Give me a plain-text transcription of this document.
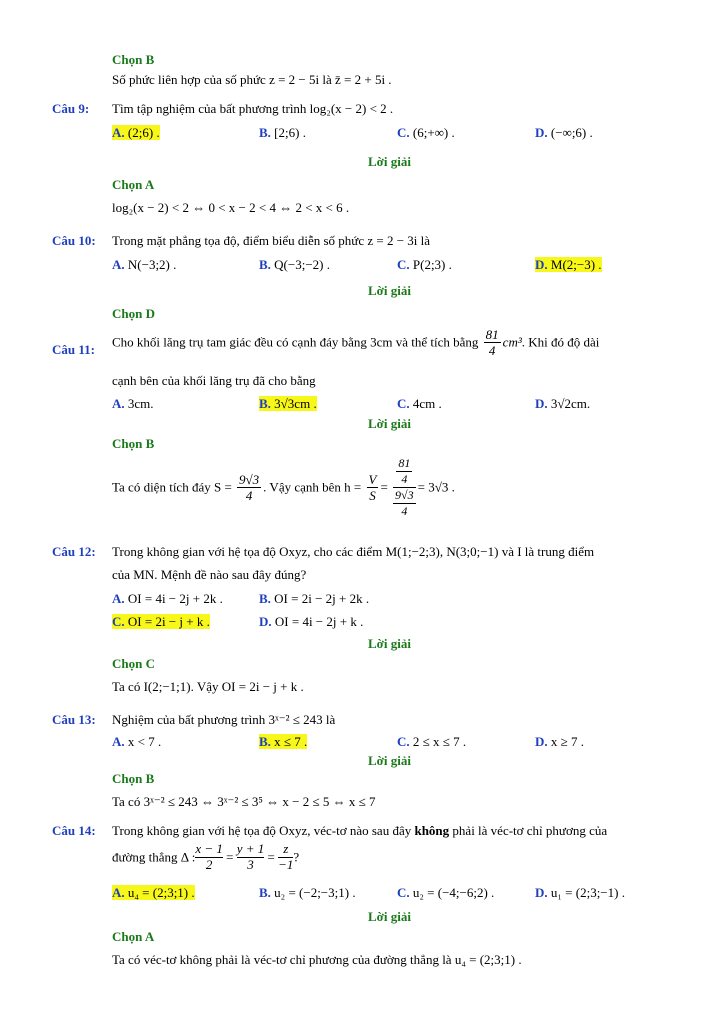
Chọn B
Số phức liên hợp của số phức z = 2 − 5i là z̄ = 2 + 5i .
Câu 9: Tìm tập nghiệm của bất phương trình log₂(x − 2) < 2 .
A. (2;6) .	B. [2;6) .	C. (6;+∞) .	D. (−∞;6) .
Lời giải
Chọn A
log₂(x − 2) < 2 ⇔ 0 < x − 2 < 4 ⇔ 2 < x < 6 .
Câu 10: Trong mặt phẳng tọa độ, điểm biểu diễn số phức z = 2 − 3i là
A. N(−3;2) .	B. Q(−3;−2) .	C. P(2;3) .	D. M(2;−3) .
Lời giải
Chọn D
Câu 11: Cho khối lăng trụ tam giác đều có cạnh đáy bằng 3cm và thể tích bằng $\frac{81}{4} cm^3$. Khi đó độ dài
cạnh bên của khối lăng trụ đã cho bằng
A. 3cm.	B. 3√3cm .	C. 4cm .	D. 3√2cm.
Lời giải
Chọn B
Ta có diện tích đáy $S = \frac{9√3}{4}$ . Vậy cạnh bên $h = \frac{V}{S} = \frac{\frac{81}{4}}{\frac{9√3}{4}} = 3√3$ .
Câu 12: Trong không gian với hệ tọa độ Oxyz, cho các điểm M(1;−2;3), N(3;0;−1) và I là trung điểm
của MN. Mệnh đề nào sau đây đúng?
A. OI = 4i − 2j + 2k .	B. OI = 2i − 2j + 2k .
C. OI = 2i − j + k .	D. OI = 4i − 2j + k .
Lời giải
Chọn C
Ta có I(2;−1;1). Vậy OI = 2i − j + k .
Câu 13: Nghiệm của bất phương trình 3ˣ⁻² ≤ 243 là
A. x < 7 .	B. x ≤ 7 .	C. 2 ≤ x ≤ 7 .	D. x ≥ 7 .
Lời giải
Chọn B
Ta có 3ˣ⁻² ≤ 243 ⇔ 3ˣ⁻² ≤ 3⁵ ⇔ x − 2 ≤ 5 ⇔ x ≤ 7
Câu 14: Trong không gian với hệ tọa độ Oxyz, véc-tơ nào sau đây không phải là véc-tơ chỉ phương của
đường thẳng Δ : $\frac{x - 1}{2} = \frac{y + 1}{3} = \frac{z}{-1}$ ?
A. u₄ = (2;3;1) .	B. u₂ = (−2;−3;1) .	C. u₂ = (−4;−6;2) .	D. u₁ = (2;3;−1) .
Lời giải
Chọn A
Ta có véc-tơ không phải là véc-tơ chỉ phương của đường thẳng là u₄ = (2;3;1) .
